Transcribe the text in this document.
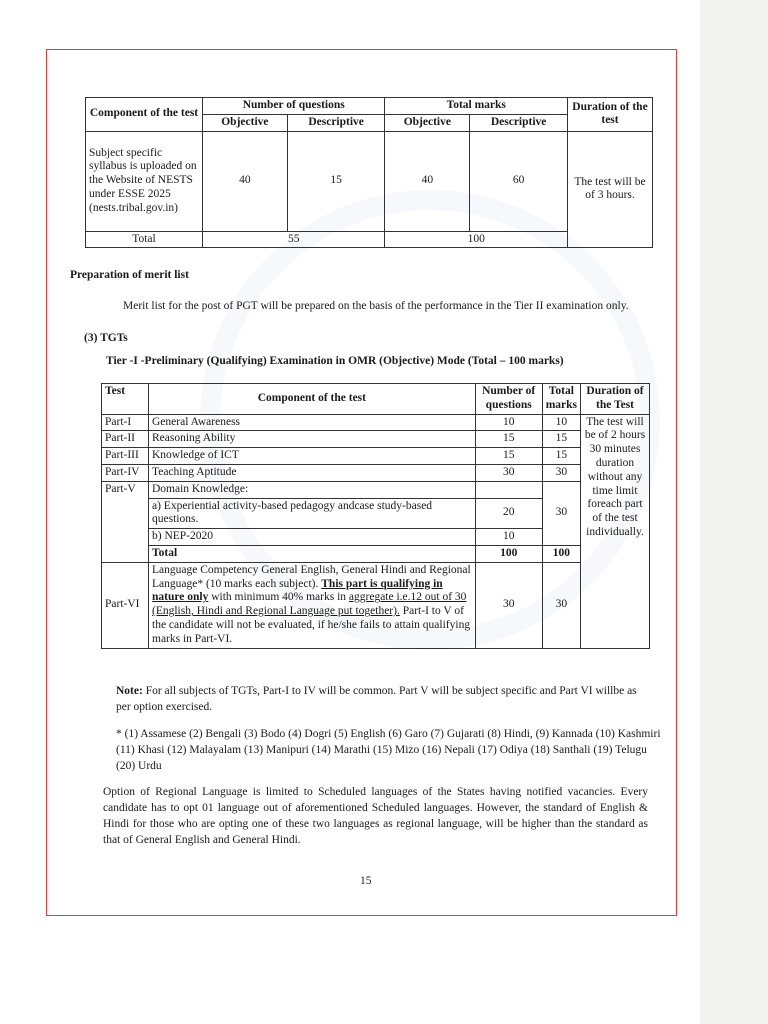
Component of the test	Number of questions		Total marks		Duration of the test
	Objective	Descriptive	Objective	Descriptive	
Subject specific syllabus is uploaded on the Website of NESTS under ESSE 2025 (nests.tribal.gov.in)	40	15	40	60	The test will be of 3 hours.
Total	55		100		
Preparation of merit list
Merit list for the post of PGT will be prepared on the basis of the performance in the Tier II examination only.
(3) TGTs
Tier -I -Preliminary (Qualifying) Examination in OMR (Objective) Mode (Total – 100 marks)
Test	Component of the test	Number of questions	Total marks	Duration of the Test
Part-I	General Awareness	10	10	The test will be of 2 hours 30 minutes duration without any time limit foreach part of the test individually.
Part-II	Reasoning Ability	15	15	
Part-III	Knowledge of ICT	15	15	
Part-IV	Teaching Aptitude	30	30	
Part-V	Domain Knowledge:		30	
	a) Experiential activity-based pedagogy andcase study-based questions.	20		
	b) NEP-2020	10		
	Total	100	100	
Part-VI	Language Competency General English, General Hindi and Regional Language* (10 marks each subject). This part is qualifying in nature only with minimum 40% marks in aggregate i.e.12 out of 30 (English, Hindi and Regional Language put together). Part-I to V of the candidate will not be evaluated, if he/she fails to attain qualifying marks in Part-VI.	30	30	
Note: For all subjects of TGTs, Part-I to IV will be common. Part V will be subject specific and Part VI willbe as per option exercised.
* (1) Assamese (2) Bengali (3) Bodo (4) Dogri (5) English (6) Garo (7) Gujarati (8) Hindi, (9) Kannada (10) Kashmiri (11) Khasi (12) Malayalam (13) Manipuri (14) Marathi (15) Mizo (16) Nepali (17) Odiya (18) Santhali (19) Telugu (20) Urdu
Option of Regional Language is limited to Scheduled languages of the States having notified vacancies. Every candidate has to opt 01 language out of aforementioned Scheduled languages. However, the standard of English & Hindi for those who are opting one of these two languages as regional language, will be higher than the standard as that of General English and General Hindi.
15
